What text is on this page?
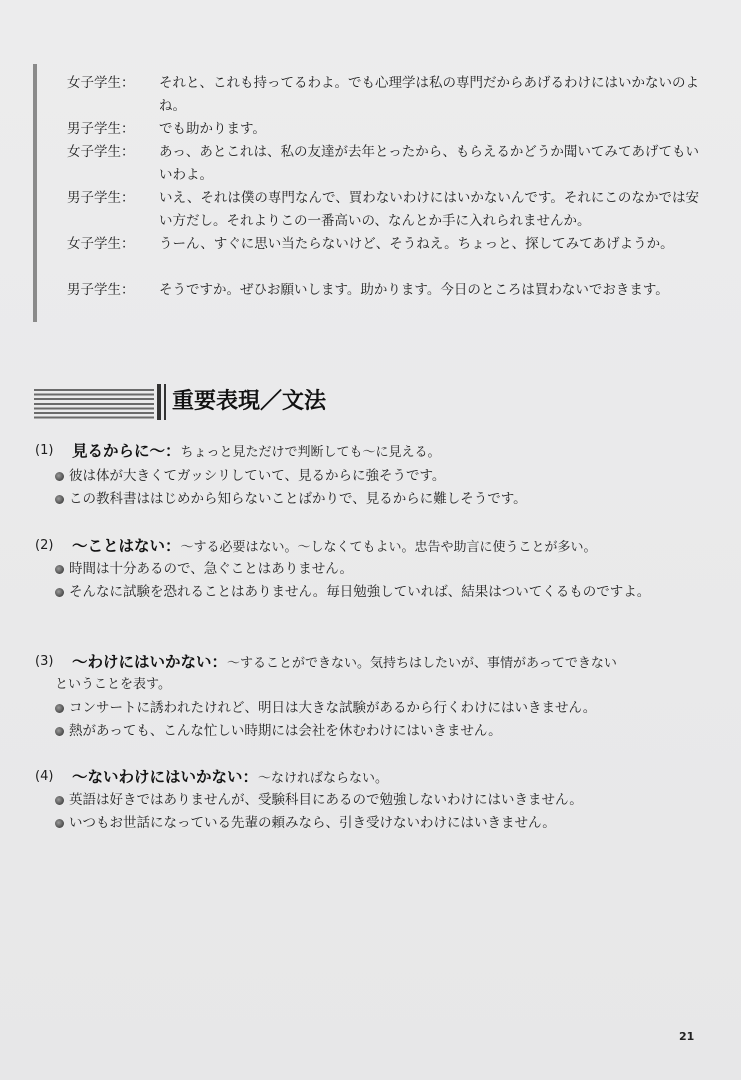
女子学生：	それと、これも持ってるわよ。でも心理学は私の専門だからあげるわけにはいかないのよね。
男子学生：	でも助かります。
女子学生：	あっ、あとこれは、私の友達が去年とったから、もらえるかどうか聞いてみてあげてもいいわよ。
男子学生：	いえ、それは僕の専門なんで、買わないわけにはいかないんです。それにこのなかでは安い方だし。それよりこの一番高いの、なんとか手に入れられませんか。
女子学生：	うーん、すぐに思い当たらないけど、そうねえ。ちょっと、探してみてあげようか。
男子学生：	そうですか。ぜひお願いします。助かります。今日のところは買わないでおきます。
重要表現／文法
(1) 見るからに～：ちょっと見ただけで判断しても～に見える。
彼は体が大きくてガッシリしていて、見るからに強そうです。
この教科書ははじめから知らないことばかりで、見るからに難しそうです。
(2) ～ことはない：～する必要はない。～しなくてもよい。忠告や助言に使うことが多い。
時間は十分あるので、急ぐことはありません。
そんなに試験を恐れることはありません。毎日勉強していれば、結果はついてくるものですよ。
(3) ～わけにはいかない：～することができない。気持ちはしたいが、事情があってできない
ということを表す。
コンサートに誘われたけれど、明日は大きな試験があるから行くわけにはいきません。
熱があっても、こんな忙しい時期には会社を休むわけにはいきません。
(4) ～ないわけにはいかない：～なければならない。
英語は好きではありませんが、受験科目にあるので勉強しないわけにはいきません。
いつもお世話になっている先輩の頼みなら、引き受けないわけにはいきません。
21
